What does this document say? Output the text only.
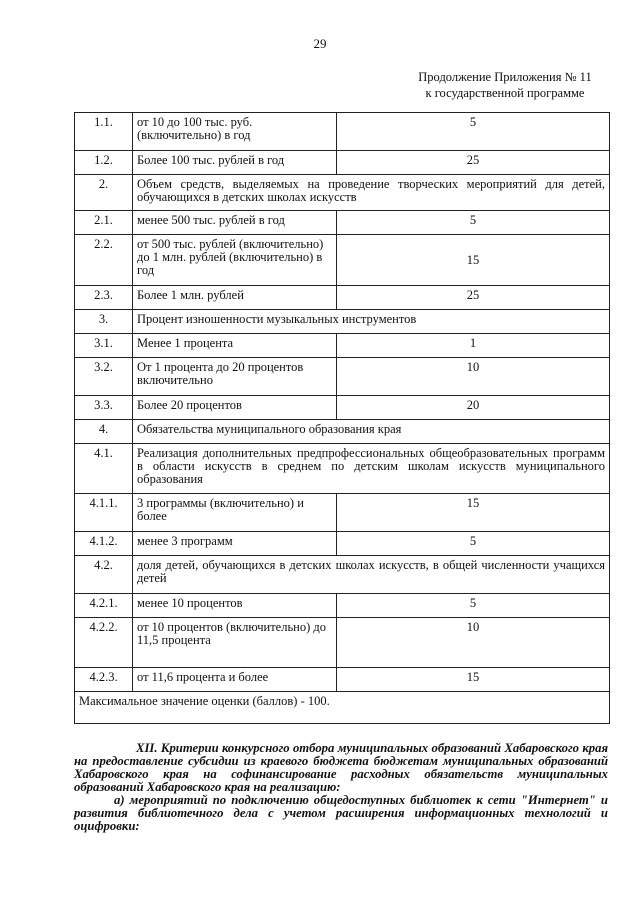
29
Продолжение Приложения № 11
к государственной программе
1.1.	от 10 до 100 тыс. руб. (включительно) в год	5
1.2.	Более 100 тыс. рублей в год	25
2.	Объем средств, выделяемых на проведение творческих мероприятий для детей, обучающихся в детских школах искусств	
2.1.	менее 500 тыс. рублей в год	5
2.2.	от 500 тыс. рублей (включительно) до 1 млн. рублей (включительно) в год	15
2.3.	Более 1 млн. рублей	25
3.	Процент изношенности музыкальных инструментов	
3.1.	Менее 1 процента	1
3.2.	От 1 процента до 20 процентов включительно	10
3.3.	Более 20 процентов	20
4.	Обязательства муниципального образования края	
4.1.	Реализация дополнительных предпрофессиональных общеобразовательных программ в области искусств в среднем по детским школам искусств муниципального образования	
4.1.1.	3 программы (включительно) и более	15
4.1.2.	менее 3 программ	5
4.2.	доля детей, обучающихся в детских школах искусств, в общей численности учащихся детей	
4.2.1.	менее 10 процентов	5
4.2.2.	от 10 процентов (включительно) до 11,5 процента	10
4.2.3.	от 11,6 процента и более	15
Максимальное значение оценки (баллов) - 100.		

XII. Критерии конкурсного отбора муниципальных образований Хабаровского края на предоставление субсидии из краевого бюджета бюджетам муниципальных образований Хабаровского края на софинансирование расходных обязательств муниципальных образований Хабаровского края на реализацию:

а) мероприятий по подключению общедоступных библиотек к сети "Интернет" и развития библиотечного дела с учетом расширения информационных технологий и оцифровки:
